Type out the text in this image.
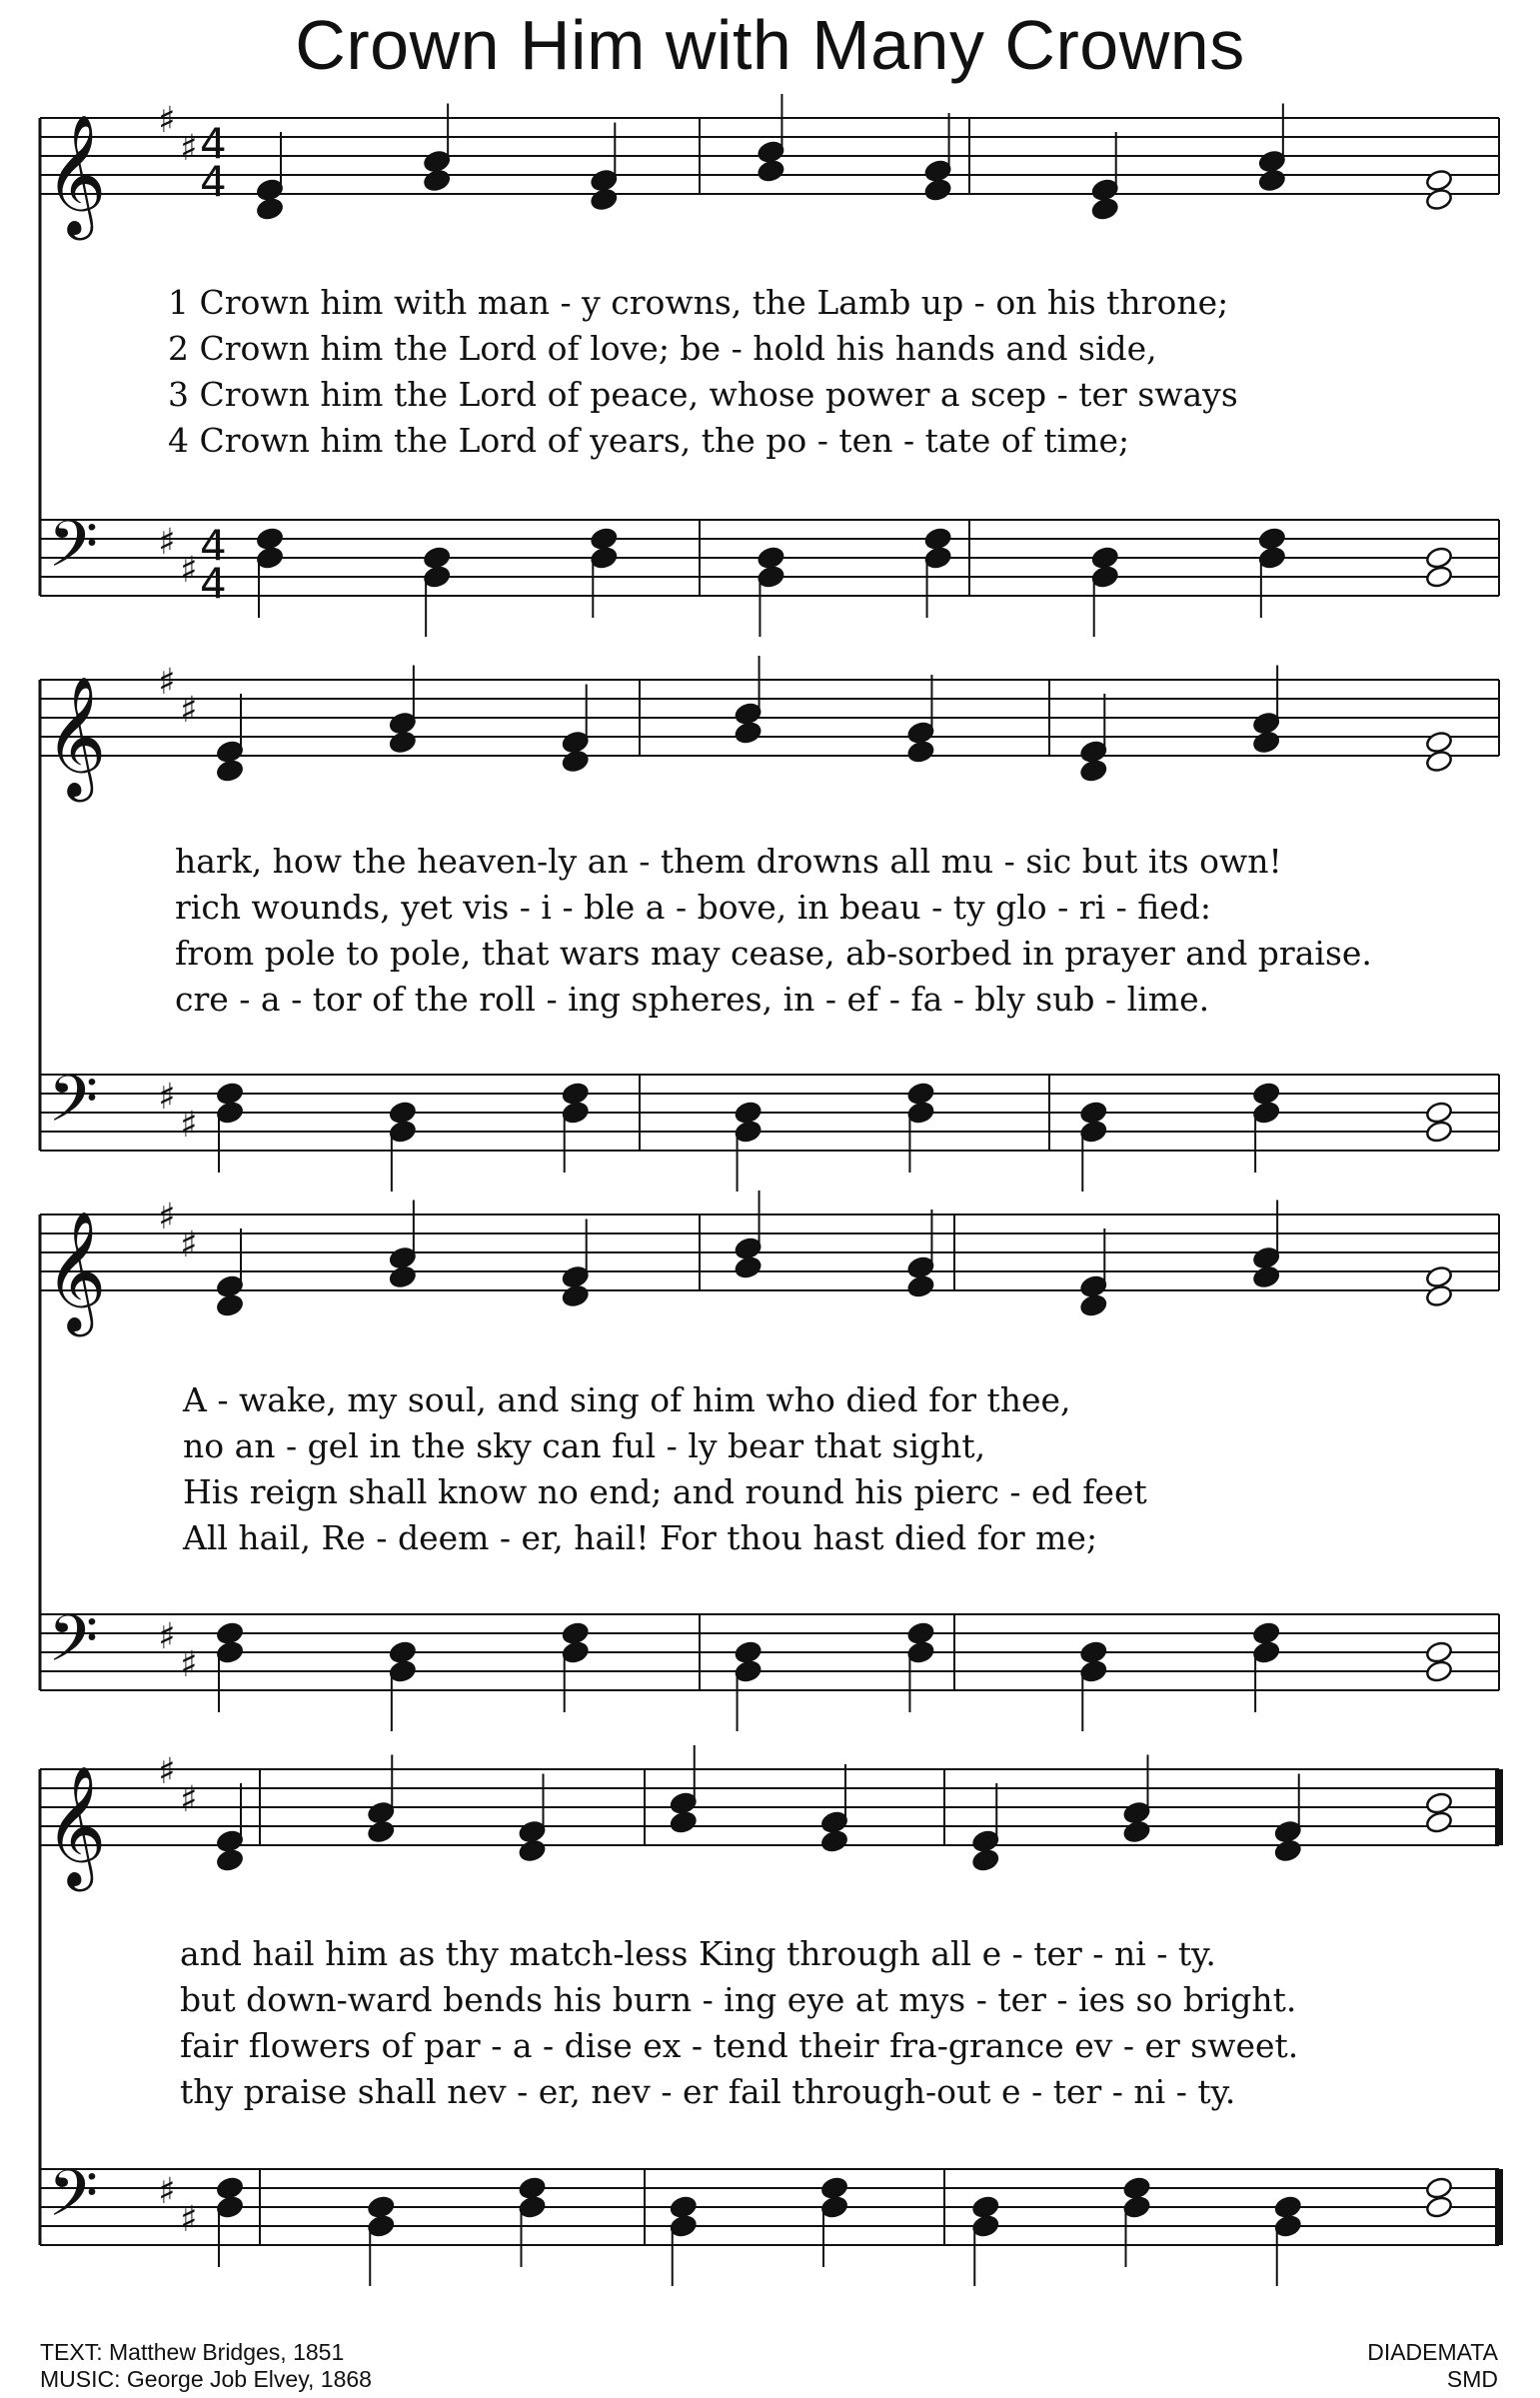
Crown Him with Many Crowns
𝄞
𝄢
♯
♯
♯
♯
𝄞
𝄢
♯
♯
♯
♯
𝄞
𝄢
♯
♯
♯
♯
𝄞
𝄢
♯
♯
♯
♯
4
4
4
4
1 Crown him with man - y crowns, the Lamb up - on his throne;
2 Crown him the Lord of love; be - hold his hands and side,
3 Crown him the Lord of peace, whose power a scep - ter sways
4 Crown him the Lord of years, the po - ten - tate of time;
hark, how the heaven-ly an - them drowns all mu - sic but its own!
rich wounds, yet vis - i - ble a - bove, in beau - ty glo - ri - fied:
from pole to pole, that wars may cease, ab-sorbed in prayer and praise.
cre - a - tor of the roll - ing spheres, in - ef - fa - bly sub - lime.
A - wake, my soul, and sing of him who died for thee,
no an - gel in the sky can ful - ly bear that sight,
His reign shall know no end; and round his pierc - ed feet
All hail, Re - deem - er, hail! For thou hast died for me;
and hail him as thy match-less King through all e - ter - ni - ty.
but down-ward bends his burn - ing eye at mys - ter - ies so bright.
fair flowers of par - a - dise ex - tend their fra-grance ev - er sweet.
thy praise shall nev - er, nev - er fail through-out e - ter - ni - ty.
TEXT: Matthew Bridges, 1851
MUSIC: George Job Elvey, 1868
DIADEMATA
SMD
